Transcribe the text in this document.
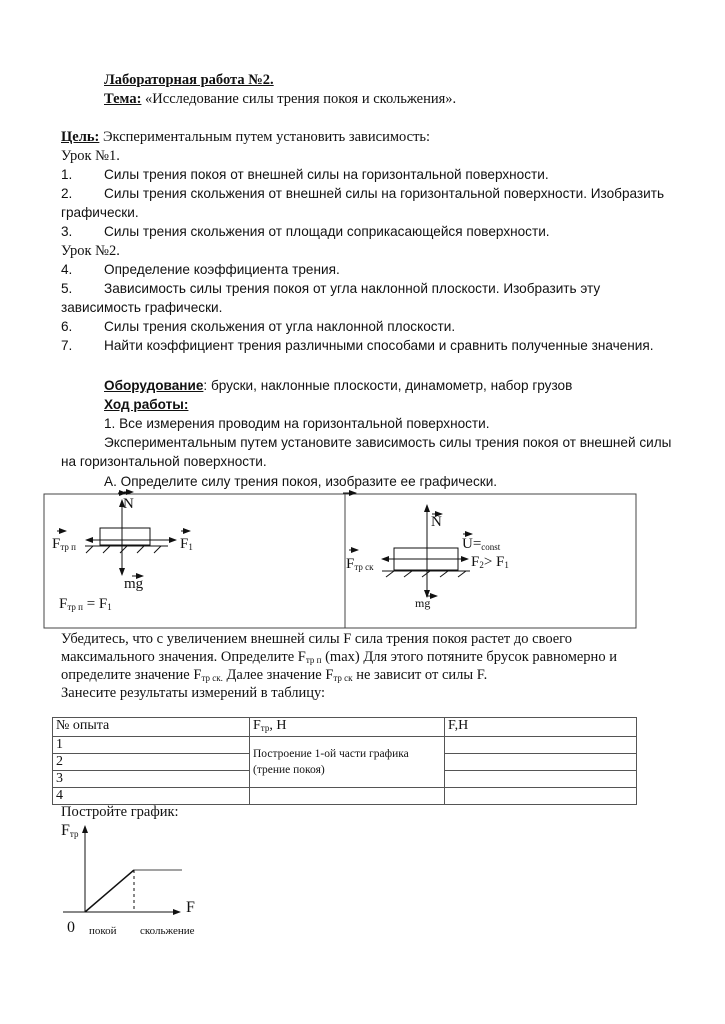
Лабораторная работа №2.
Тема: «Исследование силы трения покоя и скольжения».
Цель: Экспериментальным путем установить зависимость:
Урок №1.
1. Силы трения покоя от внешней силы на горизонтальной поверхности.
2. Силы трения скольжения от внешней силы на горизонтальной поверхности. Изобразить
графически.
3. Силы трения скольжения от площади соприкасающейся поверхности.
Урок №2.
4. Определение коэффициента трения.
5. Зависимость силы трения покоя от угла наклонной плоскости. Изобразить эту
зависимость графически.
6. Силы трения скольжения от угла наклонной плоскости.
7. Найти коэффициент трения различными способами и сравнить полученные значения.
Оборудование: бруски, наклонные плоскости, динамометр, набор грузов
Ход работы:
1. Все измерения проводим на горизонтальной поверхности.
Экспериментальным путем установите зависимость силы трения покоя от внешней силы
на горизонтальной поверхности.
А. Определите силу трения покоя, изобразите ее графически.
$F_{тр п}$	$F_1$
N
mg
$F_{тр п} = F_1$
N
$U=_{const}$
$F_{тр ск}$	$F_2> F_1$
mg
Убедитесь, что с увеличением внешней силы F сила трения покоя растет до своего
максимального значения. Определите $F_{тр п}$ (max) Для этого потяните брусок равномерно и
определите значение $F_{тр ск.}$ Далее значение $F_{тр ск}$ не зависит от силы F.
Занесите результаты измерений в таблицу:
№ опыта	$F_{тр}$, Н	F,H
1	Построение 1-ой части графика
(трение покоя)	
2		
3		
4		
Постройте график:
$F_{тр}$
F
0 покой скольжение
